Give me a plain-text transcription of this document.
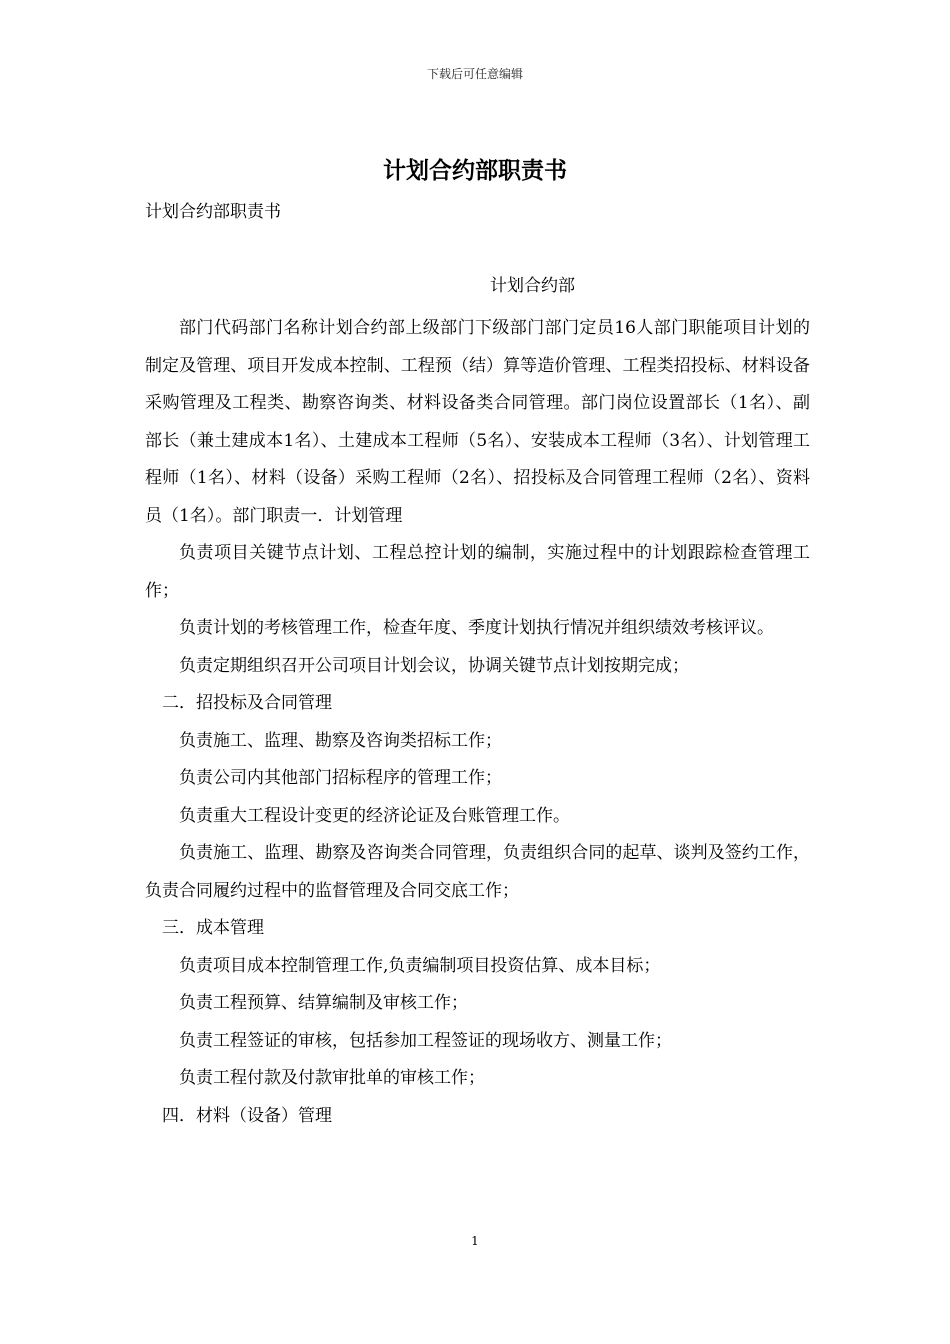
下载后可任意编辑
计划合约部职责书
计划合约部职责书
计划合约部

部门代码部门名称计划合约部上级部门下级部门部门定员16人部门职能项目计划的制定及管理、项目开发成本控制、工程预（结）算等造价管理、工程类招投标、材料设备采购管理及工程类、勘察咨询类、材料设备类合同管理。部门岗位设置部长（1名）、副部长（兼土建成本1名）、土建成本工程师（5名）、安装成本工程师（3名）、计划管理工程师（1名）、材料（设备）采购工程师（2名）、招投标及合同管理工程师（2名）、资料员（1名）。部门职责一．计划管理

负责项目关键节点计划、工程总控计划的编制，实施过程中的计划跟踪检查管理工作；

负责计划的考核管理工作，检查年度、季度计划执行情况并组织绩效考核评议。

负责定期组织召开公司项目计划会议，协调关键节点计划按期完成；

二．招投标及合同管理

负责施工、监理、勘察及咨询类招标工作；

负责公司内其他部门招标程序的管理工作；

负责重大工程设计变更的经济论证及台账管理工作。

负责施工、监理、勘察及咨询类合同管理，负责组织合同的起草、谈判及签约工作，负责合同履约过程中的监督管理及合同交底工作；

三．成本管理

负责项目成本控制管理工作,负责编制项目投资估算、成本目标；

负责工程预算、结算编制及审核工作；

负责工程签证的审核，包括参加工程签证的现场收方、测量工作；

负责工程付款及付款审批单的审核工作；

四．材料（设备）管理

1
